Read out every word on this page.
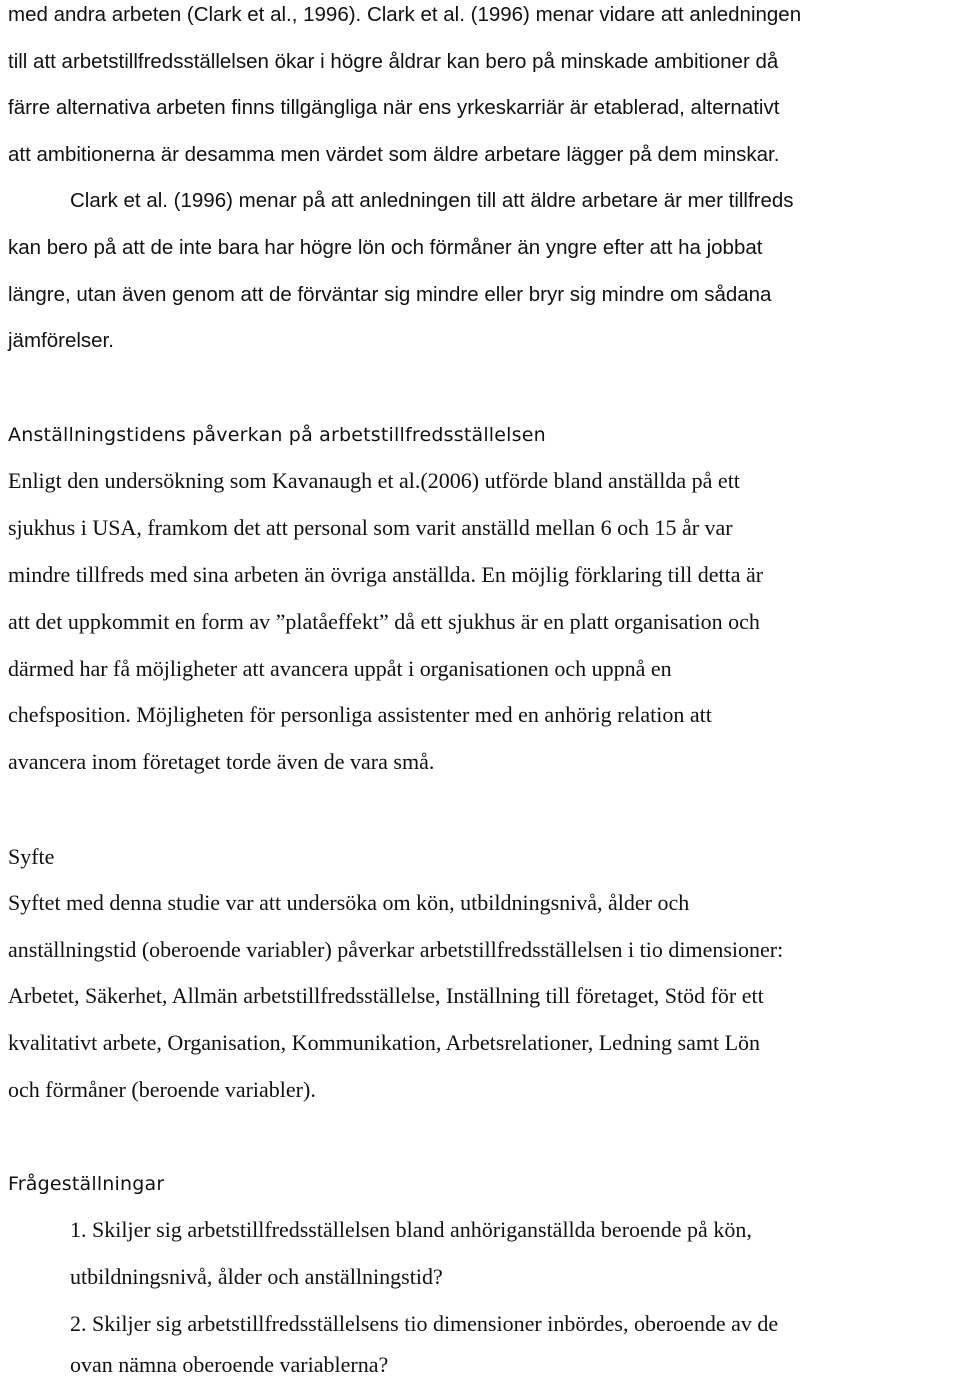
med andra arbeten (Clark et al., 1996). Clark et al. (1996) menar vidare att anledningen
till att arbetstillfredsställelsen ökar i högre åldrar kan bero på minskade ambitioner då
färre alternativa arbeten finns tillgängliga när ens yrkeskarriär är etablerad, alternativt
att ambitionerna är desamma men värdet som äldre arbetare lägger på dem minskar.
Clark et al. (1996) menar på att anledningen till att äldre arbetare är mer tillfreds
kan bero på att de inte bara har högre lön och förmåner än yngre efter att ha jobbat
längre, utan även genom att de förväntar sig mindre eller bryr sig mindre om sådana
jämförelser.
Anställningstidens påverkan på arbetstillfredsställelsen
Enligt den undersökning som Kavanaugh et al.(2006) utförde bland anställda på ett
sjukhus i USA, framkom det att personal som varit anställd mellan 6 och 15 år var
mindre tillfreds med sina arbeten än övriga anställda. En möjlig förklaring till detta är
att det uppkommit en form av ”platåeffekt” då ett sjukhus är en platt organisation och
därmed har få möjligheter att avancera uppåt i organisationen och uppnå en
chefsposition. Möjligheten för personliga assistenter med en anhörig relation att
avancera inom företaget torde även de vara små.
Syfte
Syftet med denna studie var att undersöka om kön, utbildningsnivå, ålder och
anställningstid (oberoende variabler) påverkar arbetstillfredsställelsen i tio dimensioner:
Arbetet, Säkerhet, Allmän arbetstillfredsställelse, Inställning till företaget, Stöd för ett
kvalitativt arbete, Organisation, Kommunikation, Arbetsrelationer, Ledning samt Lön
och förmåner (beroende variabler).
Frågeställningar
1. Skiljer sig arbetstillfredsställelsen bland anhöriganställda beroende på kön,
utbildningsnivå, ålder och anställningstid?
2. Skiljer sig arbetstillfredsställelsens tio dimensioner inbördes, oberoende av de
ovan nämna oberoende variablerna?
